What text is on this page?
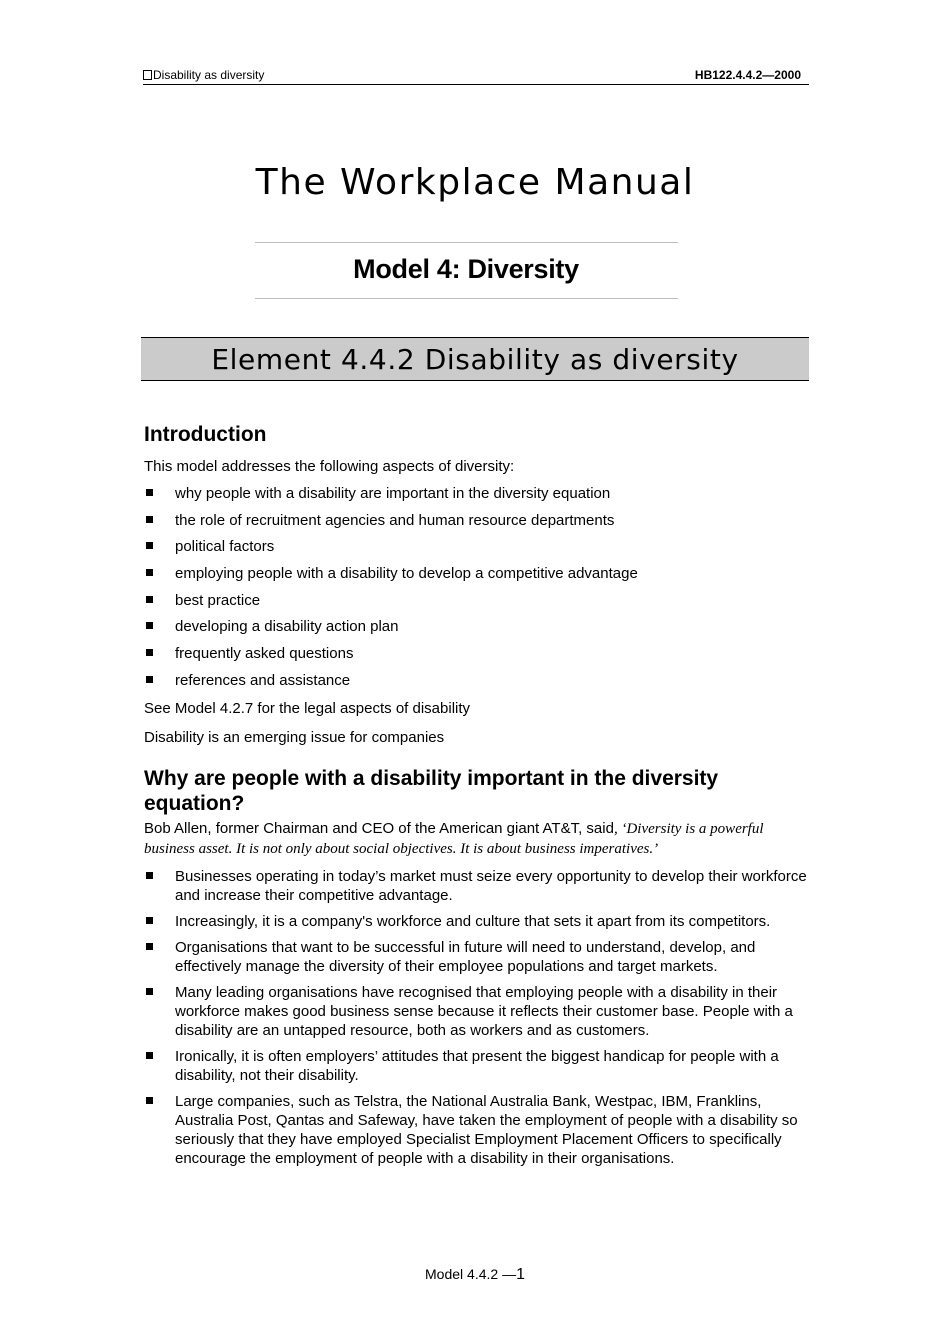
Disability as diversity	HB122.4.4.2—2000
The Workplace Manual
Model 4: Diversity
Element 4.4.2 Disability as diversity
Introduction

This model addresses the following aspects of diversity:

why people with a disability are important in the diversity equation
the role of recruitment agencies and human resource departments
political factors
employing people with a disability to develop a competitive advantage
best practice
developing a disability action plan
frequently asked questions
references and assistance

See Model 4.2.7 for the legal aspects of disability

Disability is an emerging issue for companies

Why are people with a disability important in the diversity equation?

Bob Allen, former Chairman and CEO of the American giant AT&T, said, ‘Diversity is a powerful business asset. It is not only about social objectives. It is about business imperatives.’

Businesses operating in today’s market must seize every opportunity to develop their workforce and increase their competitive advantage.
Increasingly, it is a company's workforce and culture that sets it apart from its competitors.
Organisations that want to be successful in future will need to understand, develop, and effectively manage the diversity of their employee populations and target markets.
Many leading organisations have recognised that employing people with a disability in their workforce makes good business sense because it reflects their customer base. People with a disability are an untapped resource, both as workers and as customers.
Ironically, it is often employers’ attitudes that present the biggest handicap for people with a disability, not their disability.
Large companies, such as Telstra, the National Australia Bank, Westpac, IBM, Franklins, Australia Post, Qantas and Safeway, have taken the employment of people with a disability so seriously that they have employed Specialist Employment Placement Officers to specifically encourage the employment of people with a disability in their organisations.
Model 4.4.2 —1
